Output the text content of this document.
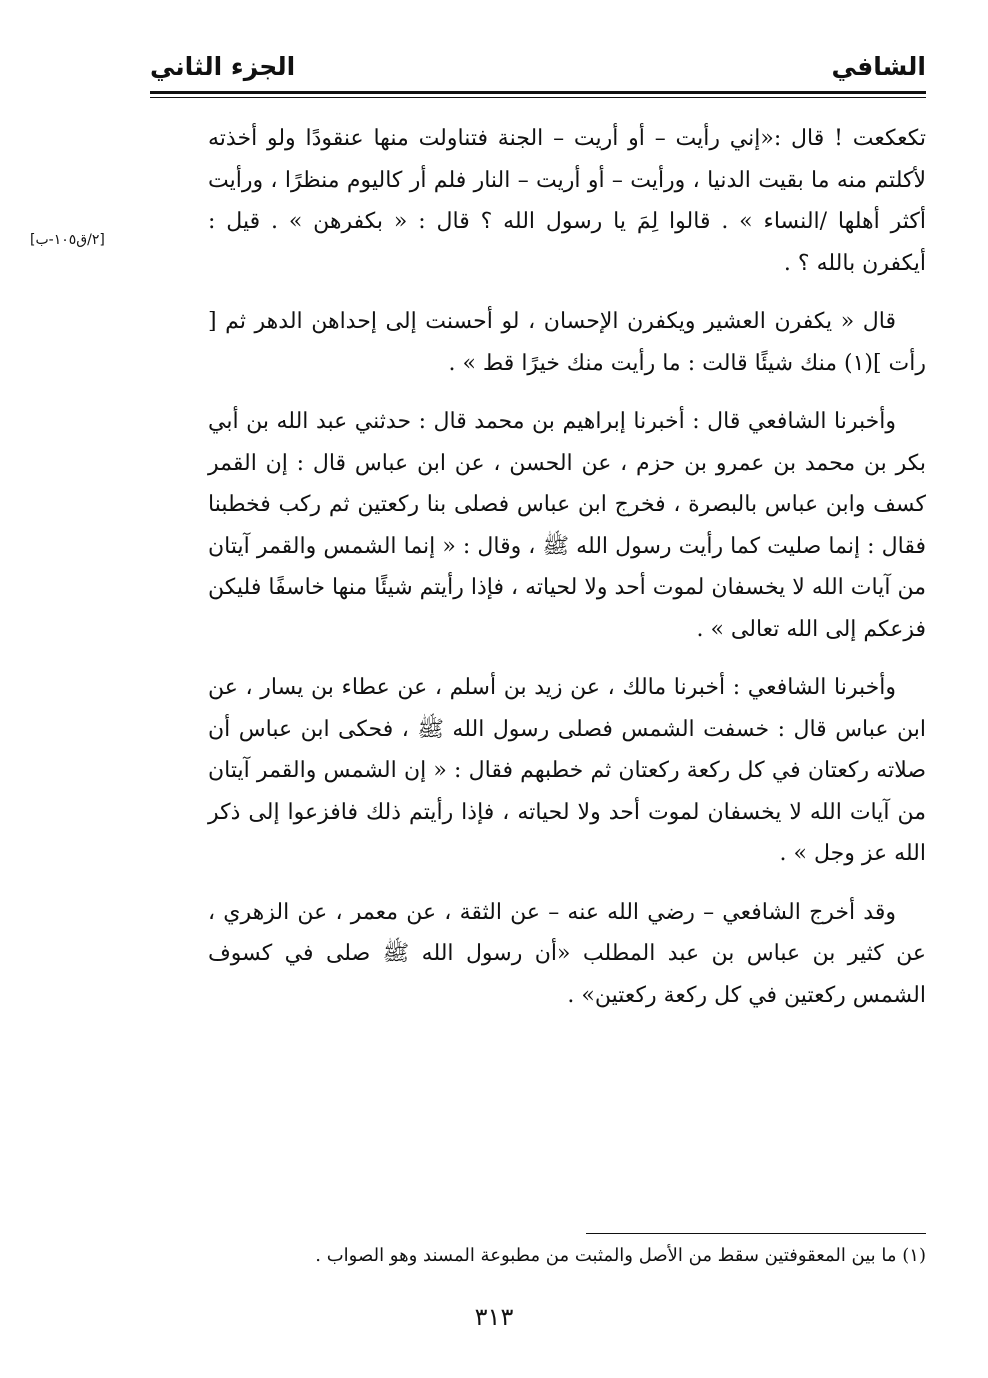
الشافي
الجزء الثاني
[٢/ق١٠٥-ب]

تكعكعت ! قال :«إني رأيت – أو أريت – الجنة فتناولت منها عنقودًا ولو أخذته لأكلتم منه ما بقيت الدنيا ، ورأيت – أو أريت – النار فلم أر كاليوم منظرًا ، ورأيت أكثر أهلها /النساء » . قالوا لِمَ يا رسول الله ؟ قال : « بكفرهن » . قيل : أيكفرن بالله ؟ .

قال « يكفرن العشير ويكفرن الإحسان ، لو أحسنت إلى إحداهن الدهر ثم [ رأت ](١) منك شيئًا قالت : ما رأيت منك خيرًا قط » .

وأخبرنا الشافعي قال : أخبرنا إبراهيم بن محمد قال : حدثني عبد الله بن أبي بكر بن محمد بن عمرو بن حزم ، عن الحسن ، عن ابن عباس قال : إن القمر كسف وابن عباس بالبصرة ، فخرج ابن عباس فصلى بنا ركعتين ثم ركب فخطبنا فقال : إنما صليت كما رأيت رسول الله ﷺ ، وقال : « إنما الشمس والقمر آيتان من آيات الله لا يخسفان لموت أحد ولا لحياته ، فإذا رأيتم شيئًا منها خاسفًا فليكن فزعكم إلى الله تعالى » .

وأخبرنا الشافعي : أخبرنا مالك ، عن زيد بن أسلم ، عن عطاء بن يسار ، عن ابن عباس قال : خسفت الشمس فصلى رسول الله ﷺ ، فحكى ابن عباس أن صلاته ركعتان في كل ركعة ركعتان ثم خطبهم فقال : « إن الشمس والقمر آيتان من آيات الله لا يخسفان لموت أحد ولا لحياته ، فإذا رأيتم ذلك فافزعوا إلى ذكر الله عز وجل » .

وقد أخرج الشافعي – رضي الله عنه – عن الثقة ، عن معمر ، عن الزهري ، عن كثير بن عباس بن عبد المطلب «أن رسول الله ﷺ صلى في كسوف الشمس ركعتين في كل ركعة ركعتين» .

(١) ما بين المعقوفتين سقط من الأصل والمثبت من مطبوعة المسند وهو الصواب .
٣١٣
